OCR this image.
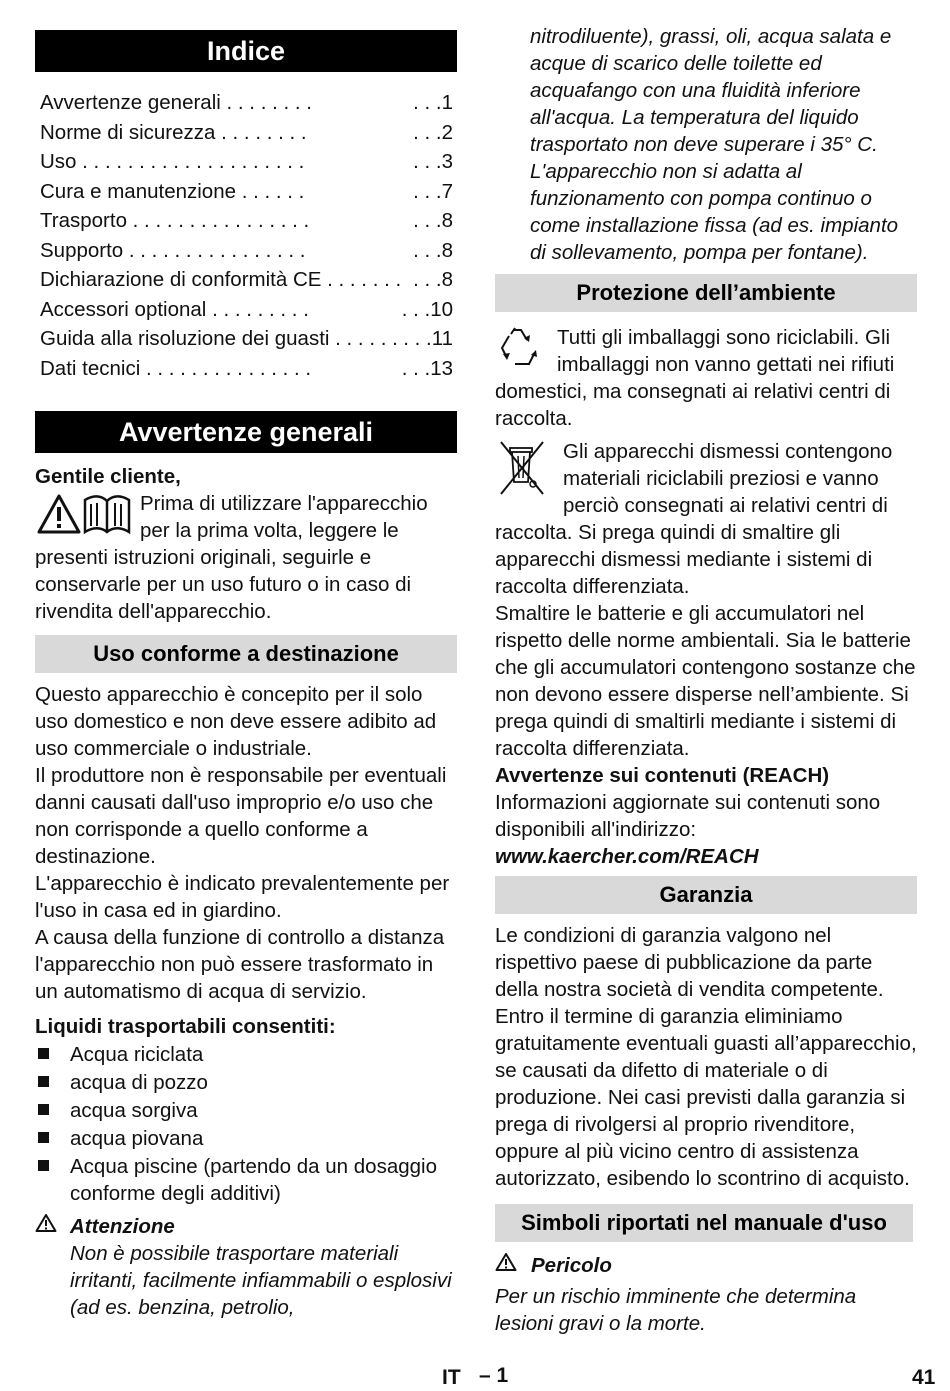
Indice
Avvertenze generali . . .	. . . 1
Norme di sicurezza . . .	. . . 2
Uso . . .	. . . 3
Cura e manutenzione . . .	. . . 7
Trasporto . . .	. . . 8
Supporto . . .	. . . 8
Dichiarazione di conformità CE . . .	. . . 8
Accessori optional . . .	. . . 10
Guida alla risoluzione dei guasti . . .	. . . 11
Dati tecnici . . .	. . . 13
Avvertenze generali

Gentile cliente,

Prima di utilizzare l'apparecchio per la prima volta, leggere le

presenti istruzioni originali, seguirle e conservarle per un uso futuro o in caso di rivendita dell'apparecchio.

Uso conforme a destinazione

Questo apparecchio è concepito per il solo uso domestico e non deve essere adibito ad uso commerciale o industriale.

Il produttore non è responsabile per eventuali danni causati dall'uso improprio e/o uso che non corrisponde a quello conforme a destinazione.

L'apparecchio è indicato prevalentemente per l'uso in casa ed in giardino.

A causa della funzione di controllo a distanza l'apparecchio non può essere trasformato in un automatismo di acqua di servizio.

Liquidi trasportabili consentiti:

Acqua riciclata
acqua di pozzo
acqua sorgiva
acqua piovana
Acqua piscine (partendo da un dosaggio conforme degli additivi)
Attenzione

Non è possibile trasportare materiali irritanti, facilmente infiammabili o esplosivi (ad es. benzina, petrolio,

nitrodiluente), grassi, oli, acqua salata e acque di scarico delle toilette ed acquafango con una fluidità inferiore all'acqua. La temperatura del liquido trasportato non deve superare i 35° C.

L'apparecchio non si adatta al funzionamento con pompa continuo o come installazione fissa (ad es. impianto di sollevamento, pompa per fontane).

Protezione dell’ambiente

Tutti gli imballaggi sono riciclabili. Gli imballaggi non vanno gettati nei rifiuti domestici, ma consegnati ai relativi centri di raccolta.

Gli apparecchi dismessi contengono materiali riciclabili preziosi e vanno perciò consegnati ai relativi centri di raccolta. Si prega quindi di smaltire gli apparecchi dismessi mediante i sistemi di raccolta differenziata.

Smaltire le batterie e gli accumulatori nel rispetto delle norme ambientali. Sia le batterie che gli accumulatori contengono sostanze che non devono essere disperse nell’ambiente. Si prega quindi di smaltirli mediante i sistemi di raccolta differenziata.

Avvertenze sui contenuti (REACH)

Informazioni aggiornate sui contenuti sono disponibili all'indirizzo:

www.kaercher.com/REACH

Garanzia

Le condizioni di garanzia valgono nel rispettivo paese di pubblicazione da parte della nostra società di vendita competente. Entro il termine di garanzia eliminiamo gratuitamente eventuali guasti all’apparecchio, se causati da difetto di materiale o di produzione. Nei casi previsti dalla garanzia si prega di rivolgersi al proprio rivenditore, oppure al più vicino centro di assistenza autorizzato, esibendo lo scontrino di acquisto.

Simboli riportati nel manuale d'uso
Pericolo

Per un rischio imminente che determina lesioni gravi o la morte.

IT – 1	41
